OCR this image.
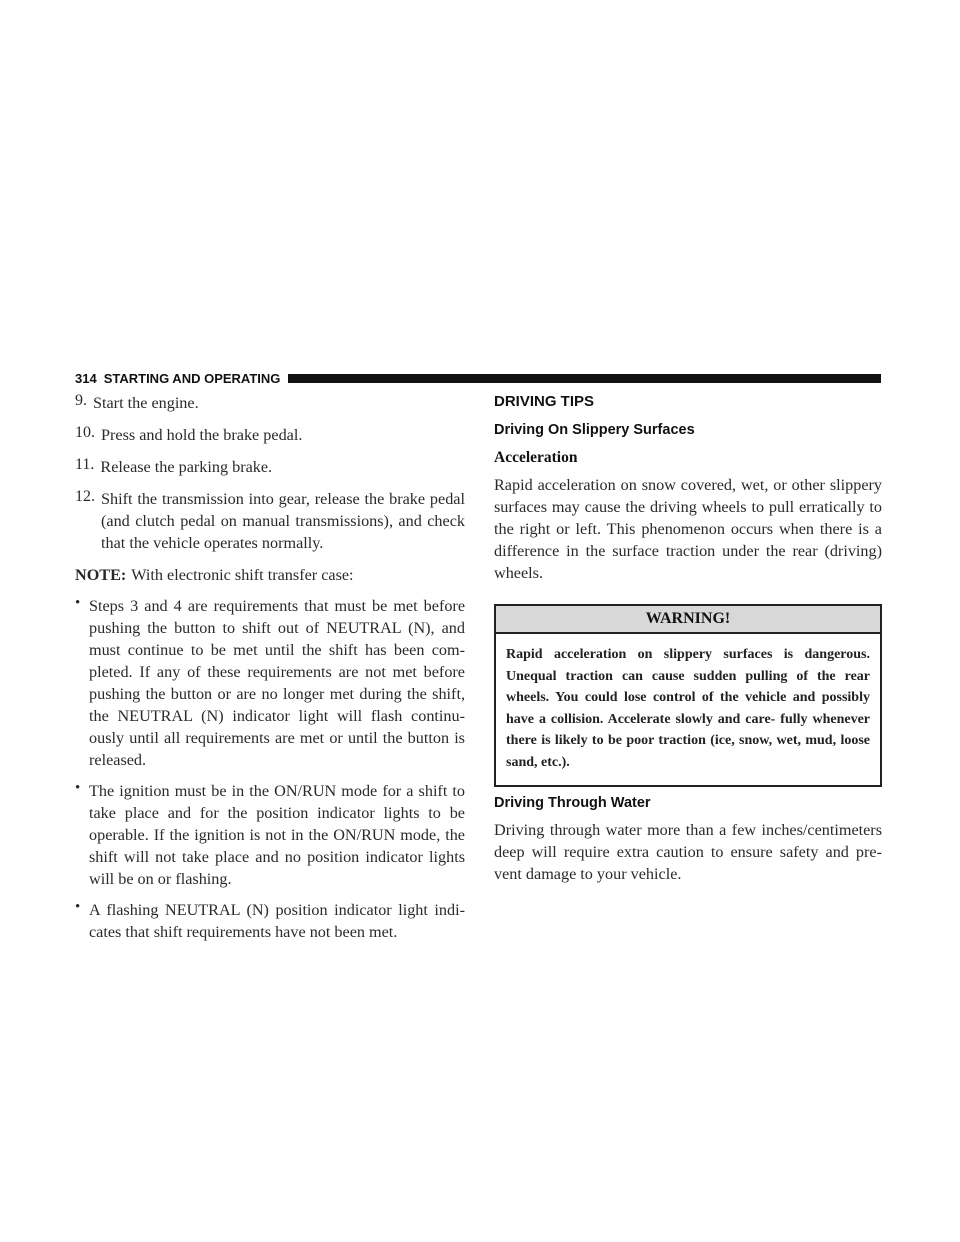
314 STARTING AND OPERATING
9. Start the engine.

10. Press and hold the brake pedal.

11. Release the parking brake.

12. Shift the transmission into gear, release the brake pedal (and clutch pedal on manual transmissions), and check that the vehicle operates normally.

NOTE: With electronic shift transfer case:

• Steps 3 and 4 are requirements that must be met before pushing the button to shift out of NEUTRAL (N), and must continue to be met until the shift has been com- pleted. If any of these requirements are not met before pushing the button or are no longer met during the shift, the NEUTRAL (N) indicator light will flash continu- ously until all requirements are met or until the button is released.

• The ignition must be in the ON/RUN mode for a shift to take place and for the position indicator lights to be operable. If the ignition is not in the ON/RUN mode, the shift will not take place and no position indicator lights will be on or flashing.

• A flashing NEUTRAL (N) position indicator light indi- cates that shift requirements have not been met.

DRIVING TIPS
Driving On Slippery Surfaces
Acceleration

Rapid acceleration on snow covered, wet, or other slippery surfaces may cause the driving wheels to pull erratically to the right or left. This phenomenon occurs when there is a difference in the surface traction under the rear (driving) wheels.

WARNING!
Rapid acceleration on slippery surfaces is dangerous. Unequal traction can cause sudden pulling of the rear wheels. You could lose control of the vehicle and possibly have a collision. Accelerate slowly and care- fully whenever there is likely to be poor traction (ice, snow, wet, mud, loose sand, etc.).
Driving Through Water

Driving through water more than a few inches/centimeters deep will require extra caution to ensure safety and pre- vent damage to your vehicle.
